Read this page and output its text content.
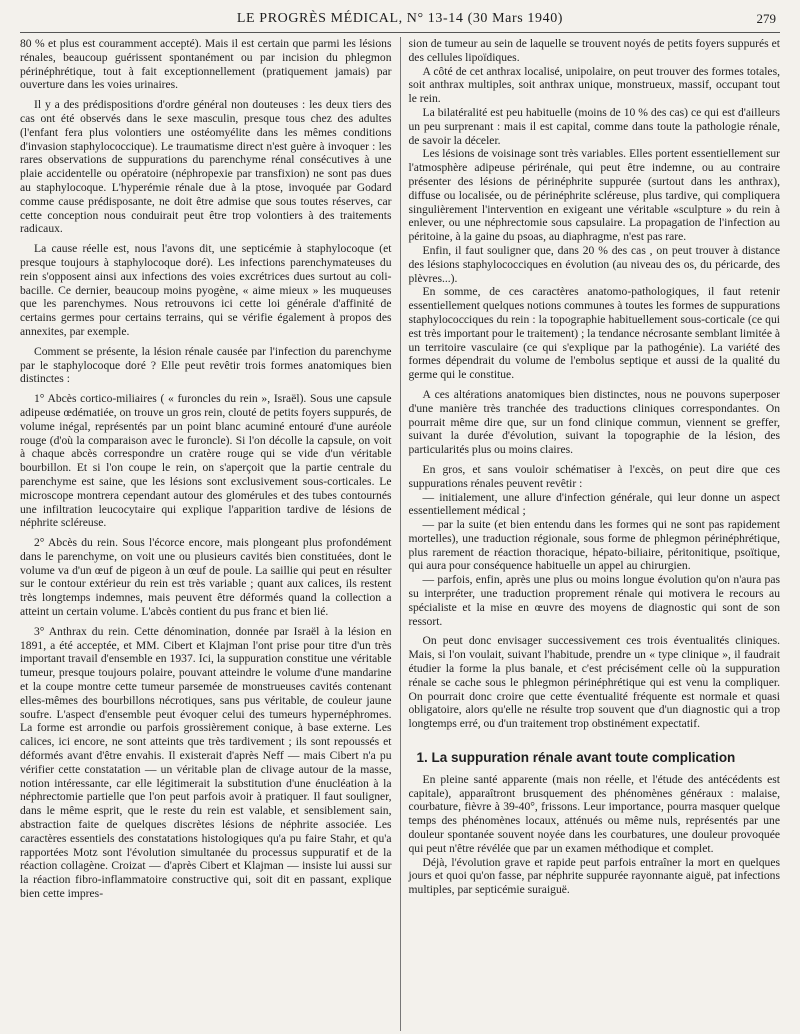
LE PROGRÈS MÉDICAL, N° 13-14 (30 Mars 1940)	279

80 % et plus est couramment accepté). Mais il est certain que parmi les lésions rénales, beaucoup guérissent spontanément ou par incision du phlegmon périnéphrétique, tout à fait exceptionnellement (pratiquement jamais) par ouverture dans les voies urinaires.

Il y a des prédispositions d'ordre général non douteuses : les deux tiers des cas ont été observés dans le sexe masculin, presque tous chez des adultes (l'enfant fera plus volontiers une ostéomyélite dans les mêmes conditions d'invasion staphylococcique). Le traumatisme direct n'est guère à invoquer : les rares observations de suppurations du parenchyme rénal consécutives à une plaie accidentelle ou opératoire (néphropexie par transfixion) ne sont pas dues au staphylocoque. L'hyperémie rénale due à la ptose, invoquée par Godard comme cause prédisposante, ne doit être admise que sous toutes réserves, car cette conception nous conduirait peut être trop volontiers à des traitements radicaux.

La cause réelle est, nous l'avons dit, une septicémie à staphylocoque (et presque toujours à staphylocoque doré). Les infections parenchymateuses du rein s'opposent ainsi aux infections des voies excrétrices dues surtout au coli-bacille. Ce dernier, beaucoup moins pyogène, « aime mieux » les muqueuses que les parenchymes. Nous retrouvons ici cette loi générale d'affinité de certains germes pour certains terrains, qui se vérifie également à propos des annexites, par exemple.

Comment se présente, la lésion rénale causée par l'infection du parenchyme par le staphylocoque doré ? Elle peut revêtir trois formes anatomiques bien distinctes :

1° Abcès cortico-miliaires ( « furoncles du rein », Israël). Sous une capsule adipeuse œdématiée, on trouve un gros rein, clouté de petits foyers suppurés, de volume inégal, représentés par un point blanc acuminé entouré d'une auréole rouge (d'où la comparaison avec le furoncle). Si l'on décolle la capsule, on voit à chaque abcès correspondre un cratère rouge qui se vide d'un véritable bourbillon. Et si l'on coupe le rein, on s'aperçoit que la partie centrale du parenchyme est saine, que les lésions sont exclusivement sous-corticales. Le microscope montrera cependant autour des glomérules et des tubes contournés une infiltration leucocytaire qui explique l'apparition tardive de lésions de néphrite scléreuse.

2° Abcès du rein. Sous l'écorce encore, mais plongeant plus profondément dans le parenchyme, on voit une ou plusieurs cavités bien constituées, dont le volume va d'un œuf de pigeon à un œuf de poule. La saillie qui peut en résulter sur le contour extérieur du rein est très variable ; quant aux calices, ils restent très longtemps indemnes, mais peuvent être déformés quand la collection a atteint un certain volume. L'abcès contient du pus franc et bien lié.

3° Anthrax du rein. Cette dénomination, donnée par Israël à la lésion en 1891, a été acceptée, et MM. Cibert et Klajman l'ont prise pour titre d'un très important travail d'ensemble en 1937. Ici, la suppuration constitue une véritable tumeur, presque toujours polaire, pouvant atteindre le volume d'une mandarine et la coupe montre cette tumeur parsemée de monstrueuses cavités contenant elles-mêmes des bourbillons nécrotiques, sans pus véritable, de couleur jaune soufre. L'aspect d'ensemble peut évoquer celui des tumeurs hypernéphromes. La forme est arrondie ou parfois grossièrement conique, à base externe. Les calices, ici encore, ne sont atteints que très tardivement ; ils sont repoussés et déformés avant d'être envahis. Il existerait d'après Neff — mais Cibert n'a pu vérifier cette constatation — un véritable plan de clivage autour de la masse, notion intéressante, car elle légitimerait la substitution d'une énucléation à la néphrectomie partielle que l'on peut parfois avoir à pratiquer. Il faut souligner, dans le même esprit, que le reste du rein est valable, et sensiblement sain, abstraction faite de quelques discrètes lésions de néphrite associée. Les caractères essentiels des constatations histologiques qu'a pu faire Stahr, et qu'a rapportées Motz sont l'évolution simultanée du processus suppuratif et de la réaction collagène. Croizat — d'après Cibert et Klajman — insiste lui aussi sur la réaction fibro-inflammatoire constructive qui, soit dit en passant, explique bien cette impres-

sion de tumeur au sein de laquelle se trouvent noyés de petits foyers suppurés et des cellules lipoïdiques.

A côté de cet anthrax localisé, unipolaire, on peut trouver des formes totales, soit anthrax multiples, soit anthrax unique, monstrueux, massif, occupant tout le rein.

La bilatéralité est peu habituelle (moins de 10 % des cas) ce qui est d'ailleurs un peu surprenant : mais il est capital, comme dans toute la pathologie rénale, de savoir la déceler.

Les lésions de voisinage sont très variables. Elles portent essentiellement sur l'atmosphère adipeuse périrénale, qui peut être indemne, ou au contraire présenter des lésions de périnéphrite suppurée (surtout dans les anthrax), diffuse ou localisée, ou de périnéphrite scléreuse, plus tardive, qui compliquera singulièrement l'intervention en exigeant une véritable «sculpture » du rein à enlever, ou une néphrectomie sous capsulaire. La propagation de l'infection au péritoine, à la gaine du psoas, au diaphragme, n'est pas rare.

Enfin, il faut souligner que, dans 20 % des cas , on peut trouver à distance des lésions staphylococciques en évolution (au niveau des os, du péricarde, des plèvres...).

En somme, de ces caractères anatomo-pathologiques, il faut retenir essentiellement quelques notions communes à toutes les formes de suppurations staphylococciques du rein : la topographie habituellement sous-corticale (ce qui est très important pour le traitement) ; la tendance nécrosante semblant limitée à un territoire vasculaire (ce qui s'explique par la pathogénie). La variété des formes dépendrait du volume de l'embolus septique et aussi de la qualité du germe qui le constitue.

A ces altérations anatomiques bien distinctes, nous ne pouvons superposer d'une manière très tranchée des traductions cliniques correspondantes. On pourrait même dire que, sur un fond clinique commun, viennent se greffer, suivant la durée d'évolution, suivant la topographie de la lésion, des particularités plus ou moins claires.

En gros, et sans vouloir schématiser à l'excès, on peut dire que ces suppurations rénales peuvent revêtir :

— initialement, une allure d'infection générale, qui leur donne un aspect essentiellement médical ;

— par la suite (et bien entendu dans les formes qui ne sont pas rapidement mortelles), une traduction régionale, sous forme de phlegmon périnéphrétique, plus rarement de réaction thoracique, hépato-biliaire, péritonitique, psoïtique, qui aura pour conséquence habituelle un appel au chirurgien.

— parfois, enfin, après une plus ou moins longue évolution qu'on n'aura pas su interpréter, une traduction proprement rénale qui motivera le recours au spécialiste et la mise en œuvre des moyens de diagnostic qui sont de son ressort.

On peut donc envisager successivement ces trois éventualités cliniques. Mais, si l'on voulait, suivant l'habitude, prendre un « type clinique », il faudrait étudier la forme la plus banale, et c'est précisément celle où la suppuration rénale se cache sous le phlegmon périnéphrétique qui est venu la compliquer. On pourrait donc croire que cette éventualité fréquente est normale et quasi obligatoire, alors qu'elle ne résulte trop souvent que d'un diagnostic qui a trop longtemps erré, ou d'un traitement trop obstinément expectatif.

1. La suppuration rénale avant toute complication

En pleine santé apparente (mais non réelle, et l'étude des antécédents est capitale), apparaîtront brusquement des phénomènes généraux : malaise, courbature, fièvre à 39-40°, frissons. Leur importance, pourra masquer quelque temps des phénomènes locaux, atténués ou même nuls, représentés par une douleur spontanée souvent noyée dans les courbatures, une douleur provoquée qui peut n'être révélée que par un examen méthodique et complet.

Déjà, l'évolution grave et rapide peut parfois entraîner la mort en quelques jours et quoi qu'on fasse, par néphrite suppurée rayonnante aiguë, pat infections multiples, par septicémie suraiguë.
